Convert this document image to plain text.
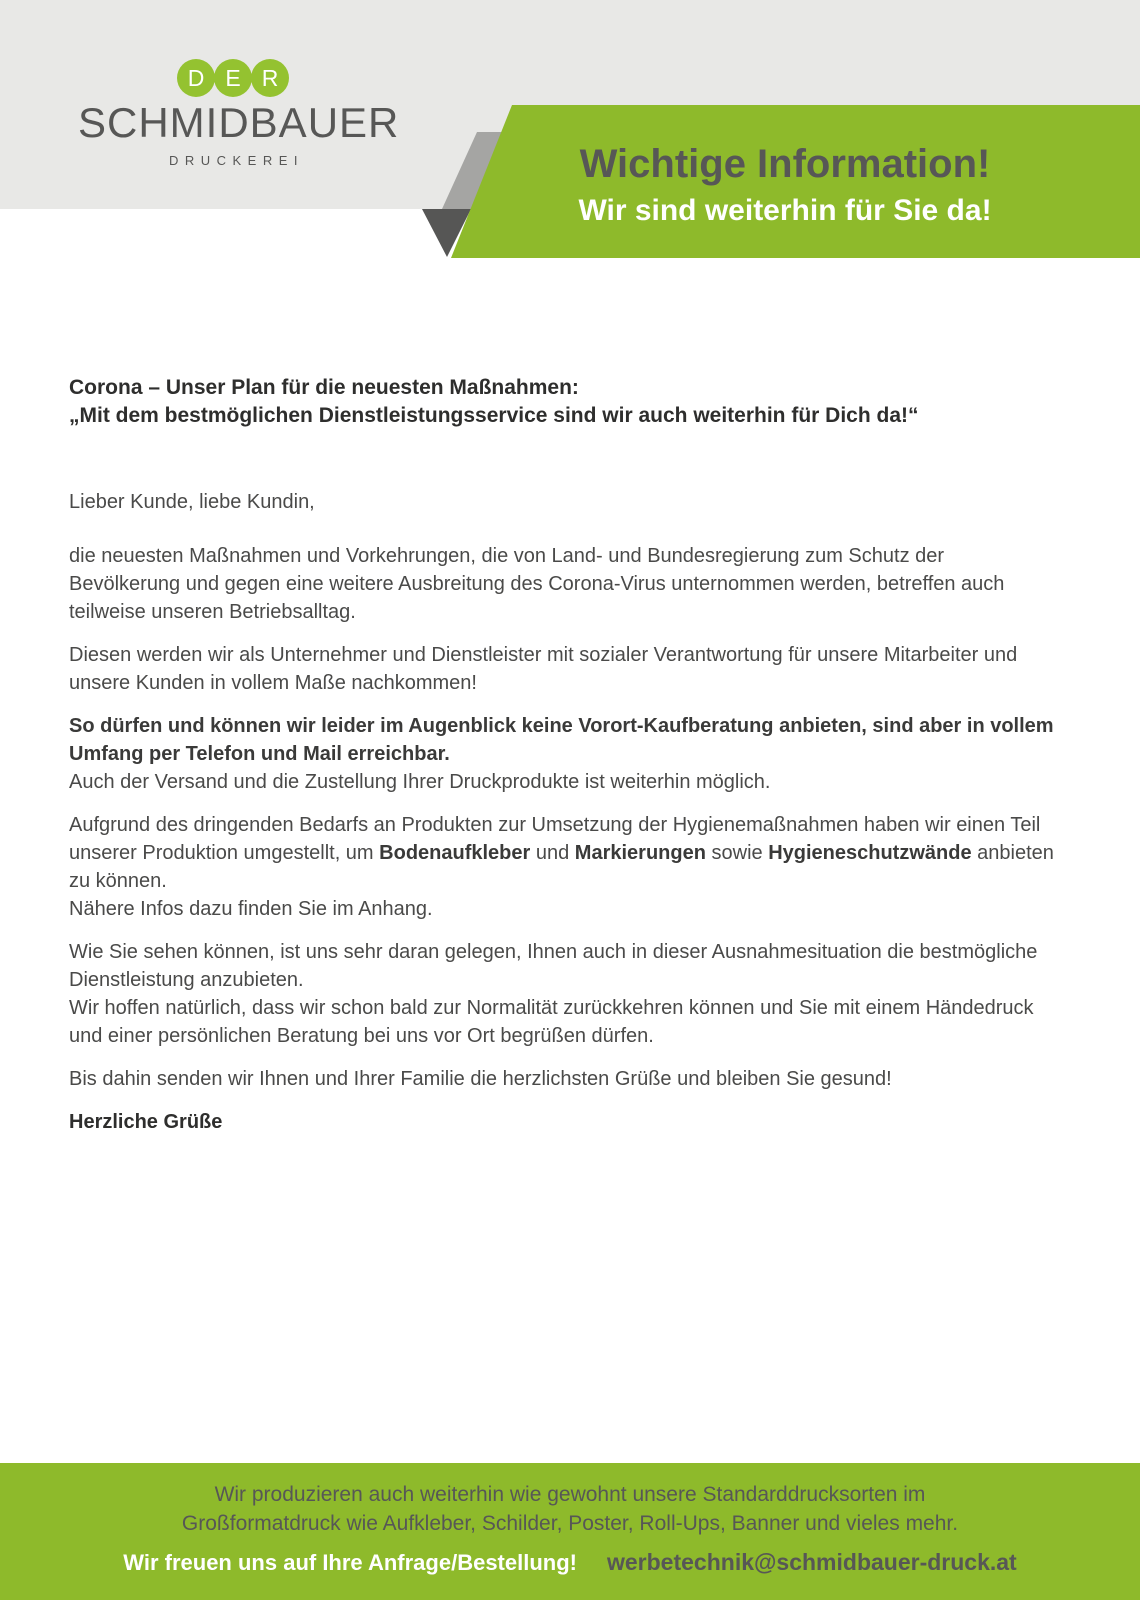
D E R
SCHMIDBAUER
DRUCKEREI	Wichtige Information!
Wir sind weiterhin für Sie da!
Corona – Unser Plan für die neuesten Maßnahmen:
„Mit dem bestmöglichen Dienstleistungsservice sind wir auch weiterhin für Dich da!“

Lieber Kunde, liebe Kundin,

die neuesten Maßnahmen und Vorkehrungen, die von Land- und Bundesregierung zum Schutz der Bevölkerung und gegen eine weitere Ausbreitung des Corona-Virus unternommen werden, betreffen auch teilweise unseren Betriebsalltag.

Diesen werden wir als Unternehmer und Dienstleister mit sozialer Verantwortung für unsere Mitarbeiter und unsere Kunden in vollem Maße nachkommen!

So dürfen und können wir leider im Augenblick keine Vorort-Kaufberatung anbieten, sind aber in vollem Umfang per Telefon und Mail erreichbar.
Auch der Versand und die Zustellung Ihrer Druckprodukte ist weiterhin möglich.

Aufgrund des dringenden Bedarfs an Produkten zur Umsetzung der Hygienemaßnahmen haben wir einen Teil unserer Produktion umgestellt, um Bodenaufkleber und Markierungen sowie Hygieneschutzwände anbieten zu können.
Nähere Infos dazu finden Sie im Anhang.

Wie Sie sehen können, ist uns sehr daran gelegen, Ihnen auch in dieser Ausnahmesituation die bestmögliche Dienstleistung anzubieten.
Wir hoffen natürlich, dass wir schon bald zur Normalität zurückkehren können und Sie mit einem Händedruck und einer persönlichen Beratung bei uns vor Ort begrüßen dürfen.

Bis dahin senden wir Ihnen und Ihrer Familie die herzlichsten Grüße und bleiben Sie gesund!

Herzliche Grüße

Wir produzieren auch weiterhin wie gewohnt unsere Standarddrucksorten im
Großformatdruck wie Aufkleber, Schilder, Poster, Roll-Ups, Banner und vieles mehr.
Wir freuen uns auf Ihre Anfrage/Bestellung! werbetechnik@schmidbauer-druck.at
